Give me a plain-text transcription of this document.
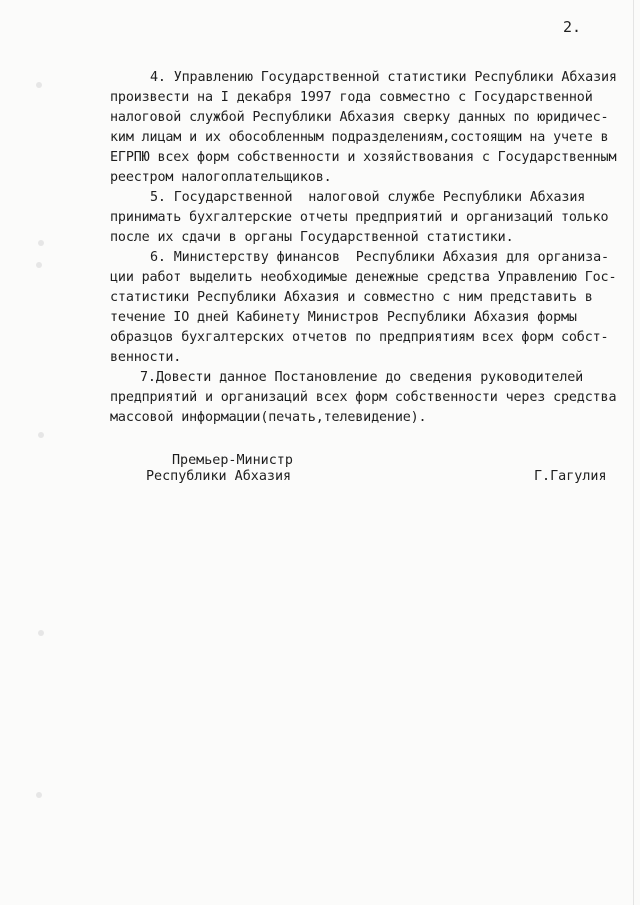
2.
4. Управлению Государственной статистики Республики Абхазия
произвести на I декабря 1997 года совместно с Государственной
налоговой службой Республики Абхазия сверку данных по юридичес-
ким лицам и их обособленным подразделениям,состоящим на учете в
ЕГРПЮ всех форм собственности и хозяйствования с Государственным
реестром налогоплательщиков.
5. Государственной  налоговой службе Республики Абхазия
принимать бухгалтерские отчеты предприятий и организаций только
после их сдачи в органы Государственной статистики.
6. Министерству финансов  Республики Абхазия для организа-
ции работ выделить необходимые денежные средства Управлению Гос-
статистики Республики Абхазия и совместно с ним представить в
течение IO дней Кабинету Министров Республики Абхазия формы
образцов бухгалтерских отчетов по предприятиям всех форм собст-
венности.
7.Довести данное Постановление до сведения руководителей
предприятий и организаций всех форм собственности через средства
массовой информации(печать,телевидение).
Премьер-Министр
Республики Абхазия	Г.Гагулия
